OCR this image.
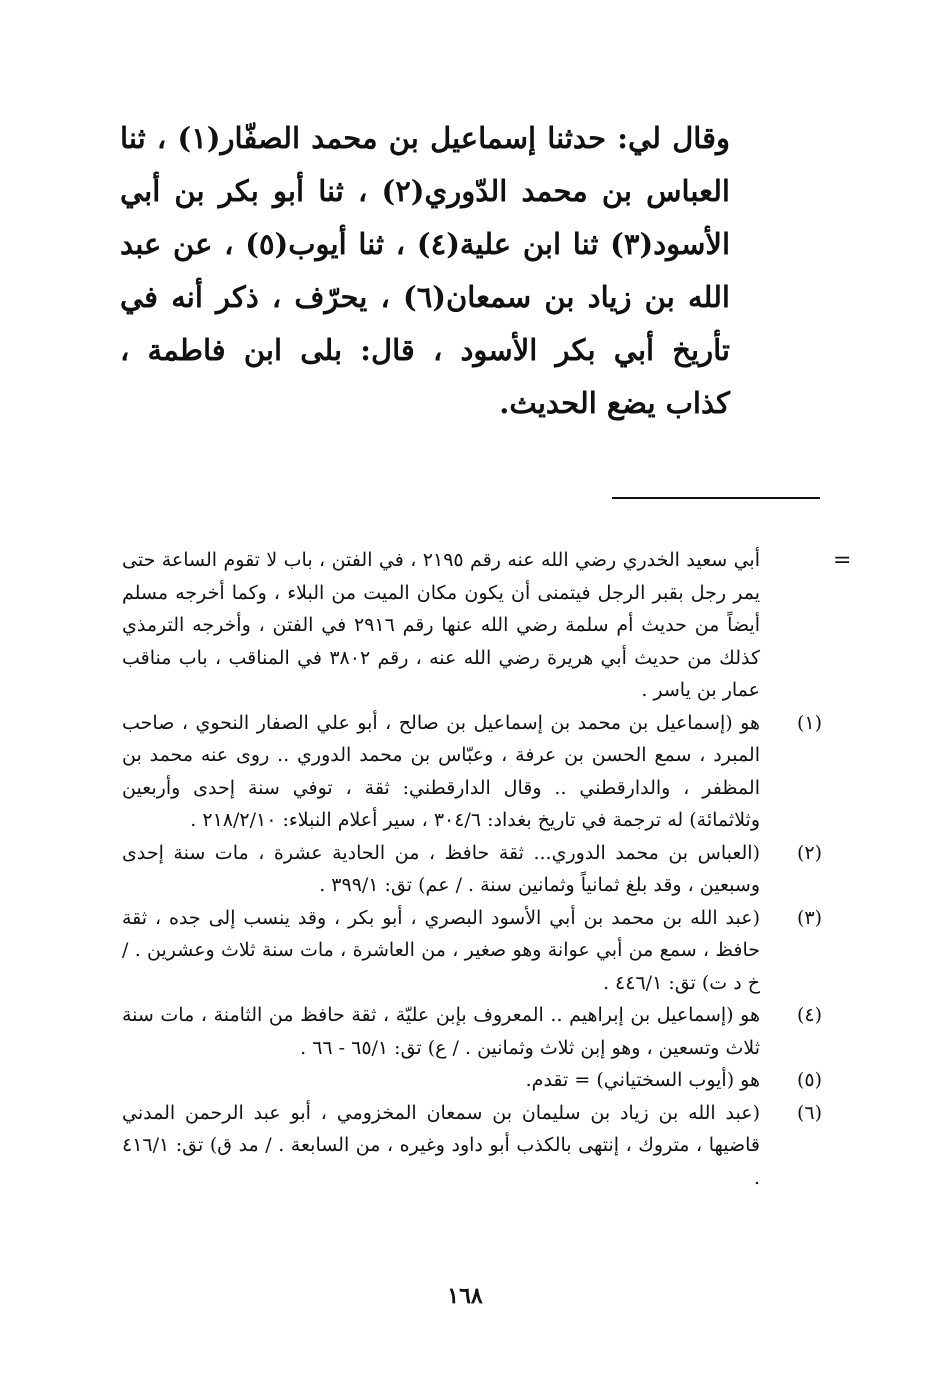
وقال لي: حدثنا إسماعيل بن محمد الصفّار(١) ، ثنا العباس بن محمد الدّوري(٢) ، ثنا أبو بكر بن أبي الأسود(٣) ثنا ابن علية(٤) ، ثنا أيوب(٥) ، عن عبد الله بن زياد بن سمعان(٦) ، يحرّف ، ذكر أنه في تأريخ أبي بكر الأسود ، قال: بلى ابن فاطمة ، كذاب يضع الحديث.

=

أبي سعيد الخدري رضي الله عنه رقم ٢١٩٥ ، في الفتن ، باب لا تقوم الساعة حتى يمر رجل بقبر الرجل فيتمنى أن يكون مكان الميت من البلاء ، وكما أخرجه مسلم أيضاً من حديث أم سلمة رضي الله عنها رقم ٢٩١٦ في الفتن ، وأخرجه الترمذي كذلك من حديث أبي هريرة رضي الله عنه ، رقم ٣٨٠٢ في المناقب ، باب مناقب عمار بن ياسر .

(١)
هو (إسماعيل بن محمد بن إسماعيل بن صالح ، أبو علي الصفار النحوي ، صاحب المبرد ، سمع الحسن بن عرفة ، وعبّاس بن محمد الدوري .. روى عنه محمد بن المظفر ، والدارقطني .. وقال الدارقطني: ثقة ، توفي سنة إحدى وأربعين وثلاثمائة) له ترجمة في تاريخ بغداد: ٣٠٤/٦ ، سير أعلام النبلاء: ٢١٨/٢/١٠ .
(٢)
(العباس بن محمد الدوري... ثقة حافظ ، من الحادية عشرة ، مات سنة إحدى وسبعين ، وقد بلغ ثمانياً وثمانين سنة . / عم) تق: ٣٩٩/١ .
(٣)
(عبد الله بن محمد بن أبي الأسود البصري ، أبو بكر ، وقد ينسب إلى جده ، ثقة حافظ ، سمع من أبي عوانة وهو صغير ، من العاشرة ، مات سنة ثلاث وعشرين . / خ د ت) تق: ٤٤٦/١ .
(٤)
هو (إسماعيل بن إبراهيم .. المعروف بإبن عليّة ، ثقة حافظ من الثامنة ، مات سنة ثلاث وتسعين ، وهو إبن ثلاث وثمانين . / ع) تق: ٦٥/١ - ٦٦ .
(٥)
هو (أيوب السختياني) = تقدم.
(٦)
(عبد الله بن زياد بن سليمان بن سمعان المخزومي ، أبو عبد الرحمن المدني قاضيها ، متروك ، إنتهى بالكذب أبو داود وغيره ، من السابعة . / مد ق) تق: ٤١٦/١ .
١٦٨
